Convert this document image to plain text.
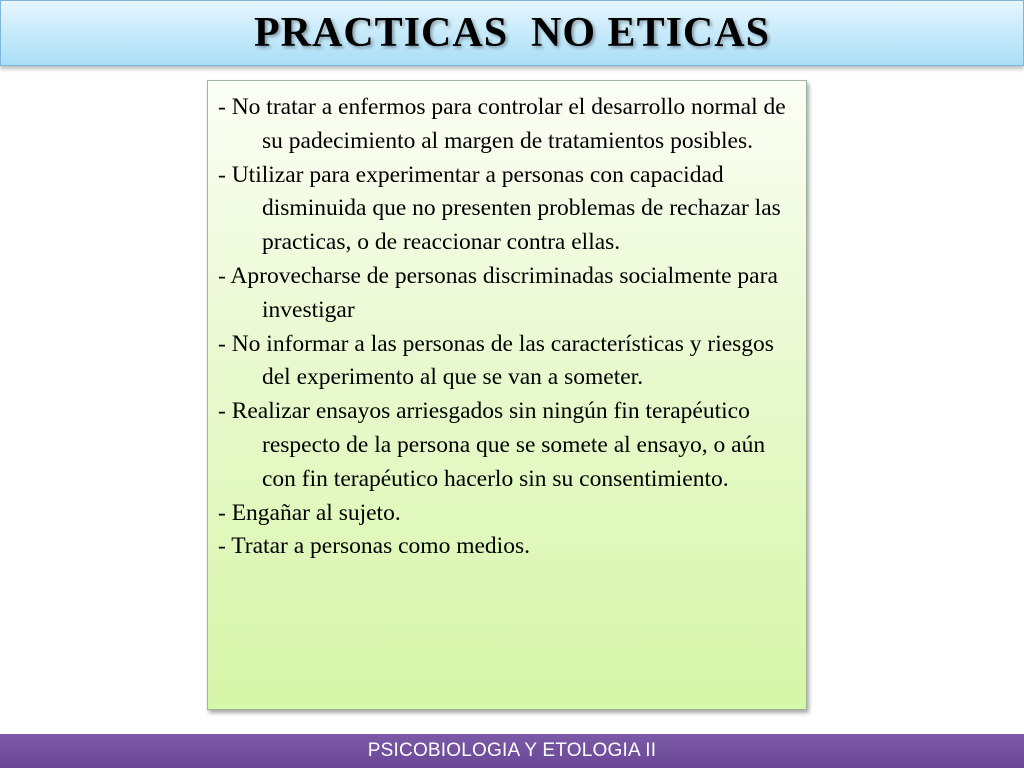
PRACTICAS  NO ETICAS
- No tratar a enfermos para controlar el desarrollo normal de su padecimiento al margen de tratamientos posibles.
- Utilizar para experimentar a personas con capacidad disminuida que no presenten problemas de rechazar las practicas, o de reaccionar contra ellas.
- Aprovecharse de personas discriminadas socialmente para investigar
- No informar a las personas de las características y riesgos del experimento al que se van a someter.
- Realizar ensayos arriesgados sin ningún fin terapéutico respecto de la persona que se somete al ensayo, o aún con fin terapéutico hacerlo sin su consentimiento.
- Engañar al sujeto.
- Tratar a personas como medios.
PSICOBIOLOGIA Y ETOLOGIA II
